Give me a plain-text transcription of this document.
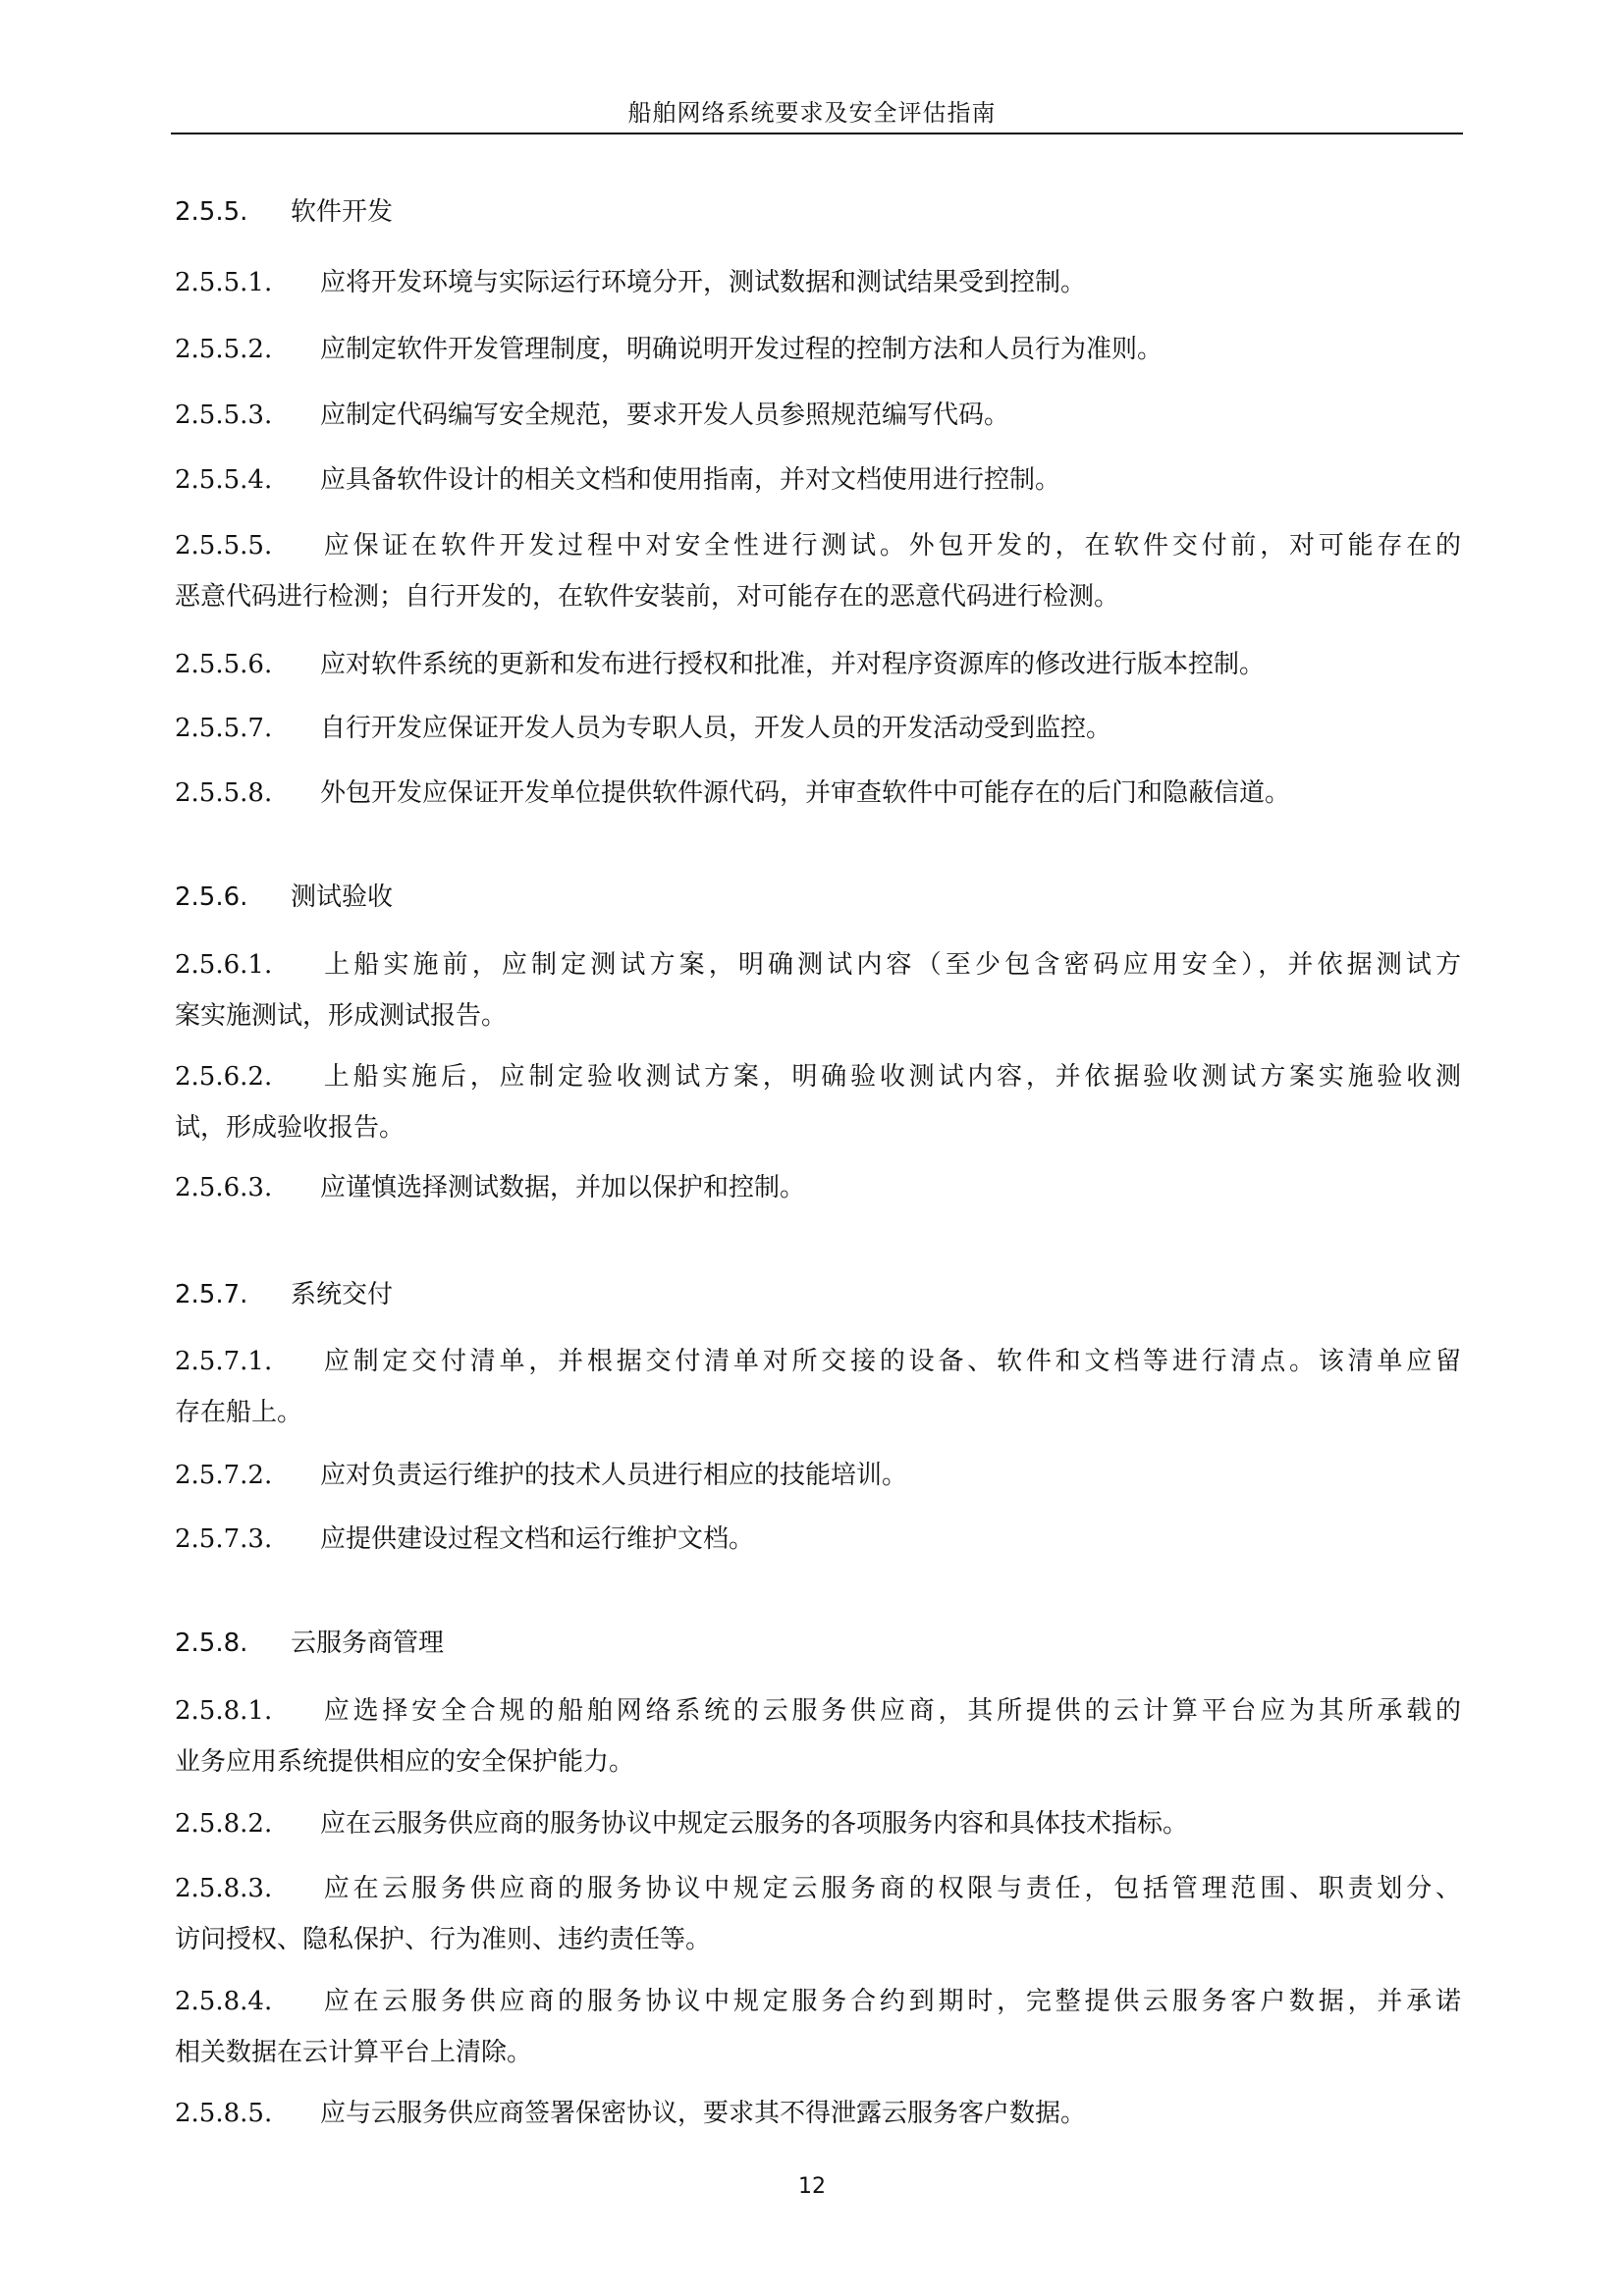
船舶网络系统要求及安全评估指南
2.5.5. 软件开发
2.5.5.1. 应将开发环境与实际运行环境分开，测试数据和测试结果受到控制。
2.5.5.2. 应制定软件开发管理制度，明确说明开发过程的控制方法和人员行为准则。
2.5.5.3. 应制定代码编写安全规范，要求开发人员参照规范编写代码。
2.5.5.4. 应具备软件设计的相关文档和使用指南，并对文档使用进行控制。
2.5.5.5. 应保证在软件开发过程中对安全性进行测试。外包开发的，在软件交付前，对可能存在的
恶意代码进行检测；自行开发的，在软件安装前，对可能存在的恶意代码进行检测。
2.5.5.6. 应对软件系统的更新和发布进行授权和批准，并对程序资源库的修改进行版本控制。
2.5.5.7. 自行开发应保证开发人员为专职人员，开发人员的开发活动受到监控。
2.5.5.8. 外包开发应保证开发单位提供软件源代码，并审查软件中可能存在的后门和隐蔽信道。
2.5.6. 测试验收
2.5.6.1. 上船实施前，应制定测试方案，明确测试内容（至少包含密码应用安全），并依据测试方
案实施测试，形成测试报告。
2.5.6.2. 上船实施后，应制定验收测试方案，明确验收测试内容，并依据验收测试方案实施验收测
试，形成验收报告。
2.5.6.3. 应谨慎选择测试数据，并加以保护和控制。
2.5.7. 系统交付
2.5.7.1. 应制定交付清单，并根据交付清单对所交接的设备、软件和文档等进行清点。该清单应留
存在船上。
2.5.7.2. 应对负责运行维护的技术人员进行相应的技能培训。
2.5.7.3. 应提供建设过程文档和运行维护文档。
2.5.8. 云服务商管理
2.5.8.1. 应选择安全合规的船舶网络系统的云服务供应商，其所提供的云计算平台应为其所承载的
业务应用系统提供相应的安全保护能力。
2.5.8.2. 应在云服务供应商的服务协议中规定云服务的各项服务内容和具体技术指标。
2.5.8.3. 应在云服务供应商的服务协议中规定云服务商的权限与责任，包括管理范围、职责划分、
访问授权、隐私保护、行为准则、违约责任等。
2.5.8.4. 应在云服务供应商的服务协议中规定服务合约到期时，完整提供云服务客户数据，并承诺
相关数据在云计算平台上清除。
2.5.8.5. 应与云服务供应商签署保密协议，要求其不得泄露云服务客户数据。
12
